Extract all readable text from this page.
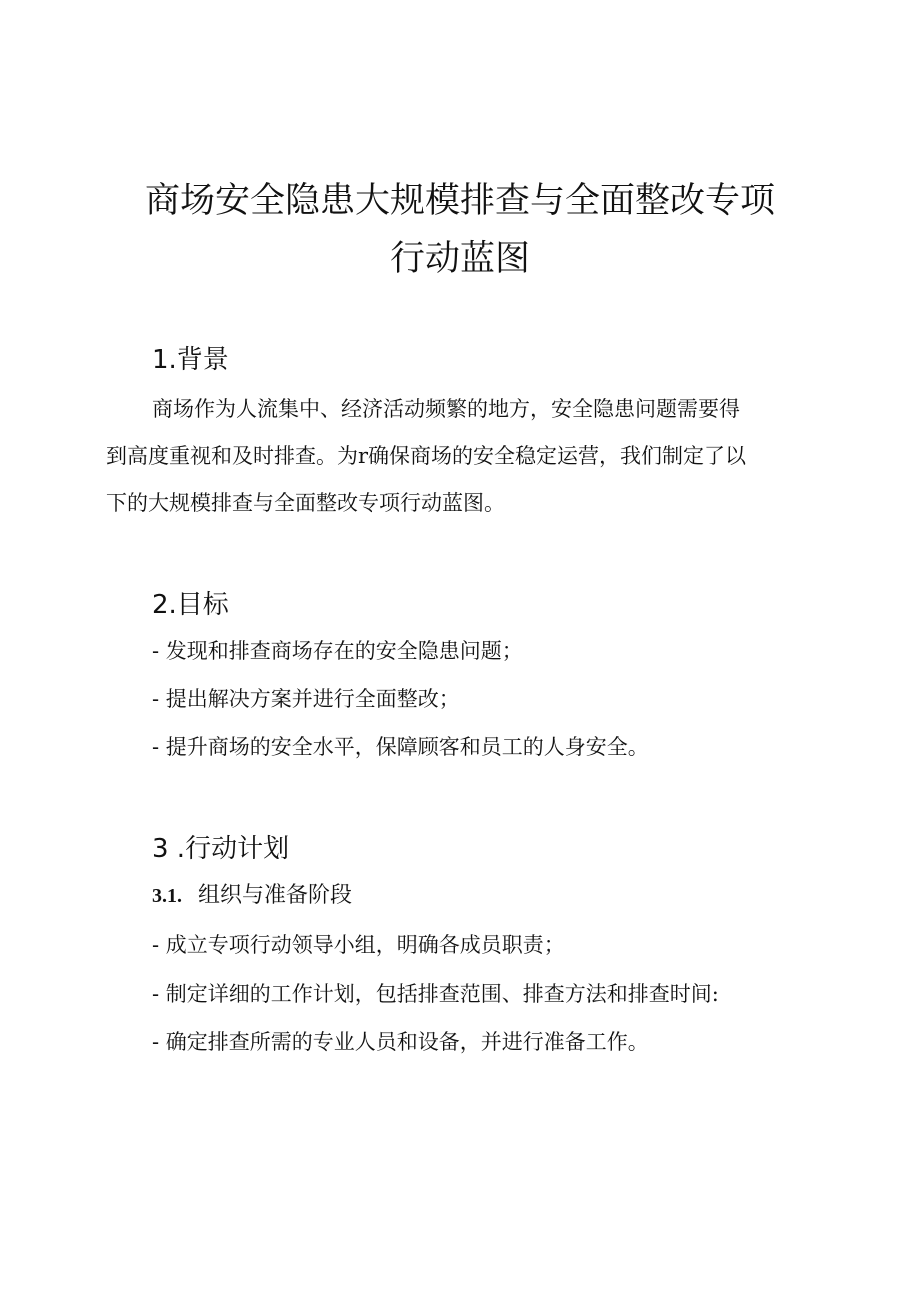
商场安全隐患大规模排查与全面整改专项
行动蓝图
1.背景

商场作为人流集中、经济活动频繁的地方，安全隐患问题需要得

到高度重视和及时排查。为r确保商场的安全稳定运营，我们制定了以

下的大规模排查与全面整改专项行动蓝图。

2.目标

- 发现和排查商场存在的安全隐患问题；

- 提出解决方案并进行全面整改；

- 提升商场的安全水平，保障顾客和员工的人身安全。

3 .行动计划
3.1. 组织与准备阶段

- 成立专项行动领导小组，明确各成员职责；

- 制定详细的工作计划，包括排查范围、排查方法和排查时间:

- 确定排查所需的专业人员和设备，并进行准备工作。
